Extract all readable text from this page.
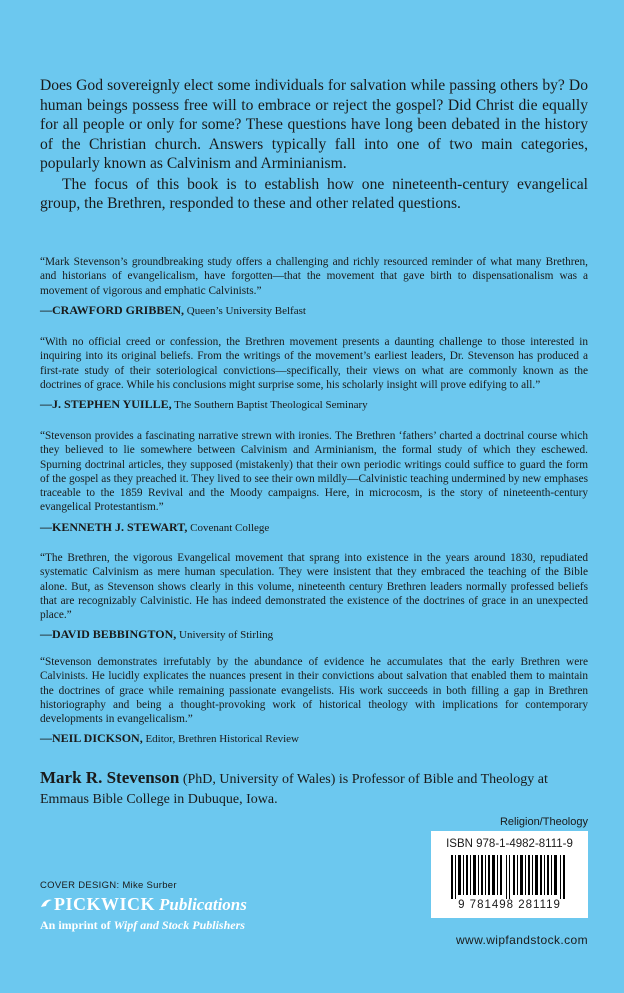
Does God sovereignly elect some individuals for salvation while passing others by? Do human beings possess free will to embrace or reject the gospel? Did Christ die equally for all people or only for some? These questions have long been debated in the history of the Christian church. Answers typically fall into one of two main categories, popularly known as Calvinism and Arminianism.

The focus of this book is to establish how one nineteenth-century evangelical group, the Brethren, responded to these and other related questions.

“Mark Stevenson’s groundbreaking study offers a challenging and richly resourced reminder of what many Brethren, and historians of evangelicalism, have forgotten—that the movement that gave birth to dispensationalism was a movement of vigorous and emphatic Calvinists.”

—CRAWFORD GRIBBEN, Queen’s University Belfast

“With no official creed or confession, the Brethren movement presents a daunting challenge to those interested in inquiring into its original beliefs. From the writings of the movement’s earliest leaders, Dr. Stevenson has produced a first-rate study of their soteriological convictions—specifically, their views on what are commonly known as the doctrines of grace. While his conclusions might surprise some, his scholarly insight will prove edifying to all.”

—J. STEPHEN YUILLE, The Southern Baptist Theological Seminary

“Stevenson provides a fascinating narrative strewn with ironies. The Brethren ‘fathers’ charted a doctrinal course which they believed to lie somewhere between Calvinism and Arminianism, the formal study of which they eschewed. Spurning doctrinal articles, they supposed (mistakenly) that their own periodic writings could suffice to guard the form of the gospel as they preached it. They lived to see their own mildly—Calvinistic teaching undermined by new emphases traceable to the 1859 Revival and the Moody campaigns. Here, in microcosm, is the story of nineteenth-century evangelical Protestantism.”

—KENNETH J. STEWART, Covenant College

“The Brethren, the vigorous Evangelical movement that sprang into existence in the years around 1830, repudiated systematic Calvinism as mere human speculation. They were insistent that they embraced the teaching of the Bible alone. But, as Stevenson shows clearly in this volume, nineteenth century Brethren leaders normally professed beliefs that are recognizably Calvinistic. He has indeed demonstrated the existence of the doctrines of grace in an unexpected place.”

—DAVID BEBBINGTON, University of Stirling

“Stevenson demonstrates irrefutably by the abundance of evidence he accumulates that the early Brethren were Calvinists. He lucidly explicates the nuances present in their convictions about salvation that enabled them to maintain the doctrines of grace while remaining passionate evangelists. His work succeeds in both filling a gap in Brethren historiography and being a thought-provoking work of historical theology with implications for contemporary developments in evangelicalism.”

—NEIL DICKSON, Editor, Brethren Historical Review
Mark R. Stevenson (PhD, University of Wales) is Professor of Bible and Theology at Emmaus Bible College in Dubuque, Iowa.
Religion/Theology
ISBN 978-1-4982-8111-9
9 781498 281119
COVER DESIGN: Mike Surber
PICKWICK Publications
An imprint of Wipf and Stock Publishers
www.wipfandstock.com
